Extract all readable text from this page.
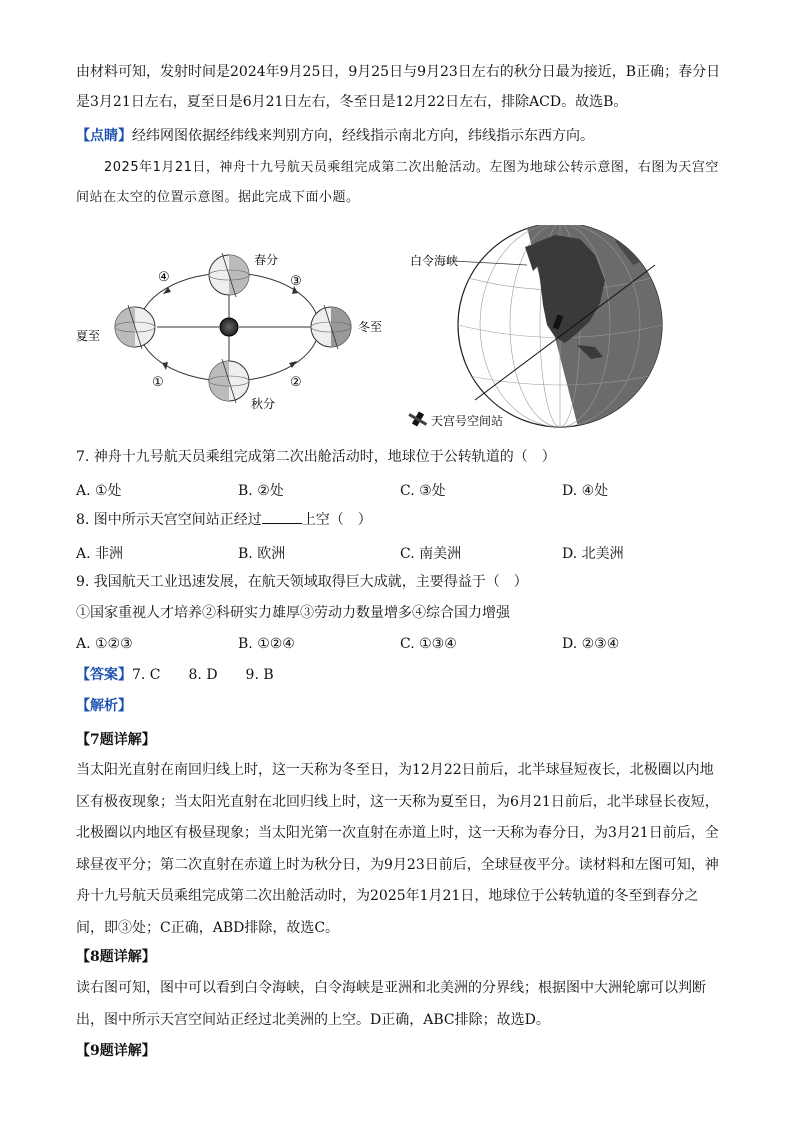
由材料可知，发射时间是2024年9月25日，9月25日与9月23日左右的秋分日最为接近，B正确；春分日是3月21日左右，夏至日是6月21日左右，冬至日是12月22日左右，排除ACD。故选B。

【点睛】经纬网图依据经纬线来判别方向，经线指示南北方向，纬线指示东西方向。

2025年1月21日，神舟十九号航天员乘组完成第二次出舱活动。左图为地球公转示意图，右图为天宫空间站在太空的位置示意图。据此完成下面小题。

春分
夏至
冬至
秋分
④	③
①	②
白令海峡
天宫号空间站

7. 神舟十九号航天员乘组完成第二次出舱活动时，地球位于公转轨道的（　）

A. ①处	B. ②处	C. ③处	D. ④处

8. 图中所示天宫空间站正经过	上空（　）

A. 非洲	B. 欧洲	C. 南美洲	D. 北美洲

9. 我国航天工业迅速发展，在航天领域取得巨大成就，主要得益于（　）

①国家重视人才培养②科研实力雄厚③劳动力数量增多④综合国力增强

A. ①②③	B. ①②④	C. ①③④	D. ②③④

【答案】7. C　　8. D　　9. B

【解析】

【7题详解】

当太阳光直射在南回归线上时，这一天称为冬至日，为12月22日前后，北半球昼短夜长，北极圈以内地区有极夜现象；当太阳光直射在北回归线上时，这一天称为夏至日，为6月21日前后，北半球昼长夜短，北极圈以内地区有极昼现象；当太阳光第一次直射在赤道上时，这一天称为春分日，为3月21日前后，全球昼夜平分；第二次直射在赤道上时为秋分日，为9月23日前后，全球昼夜平分。读材料和左图可知，神舟十九号航天员乘组完成第二次出舱活动时，为2025年1月21日，地球位于公转轨道的冬至到春分之间，即③处；C正确，ABD排除，故选C。

【8题详解】

读右图可知，图中可以看到白令海峡，白令海峡是亚洲和北美洲的分界线；根据图中大洲轮廓可以判断出，图中所示天宫空间站正经过北美洲的上空。D正确，ABC排除；故选D。

【9题详解】
